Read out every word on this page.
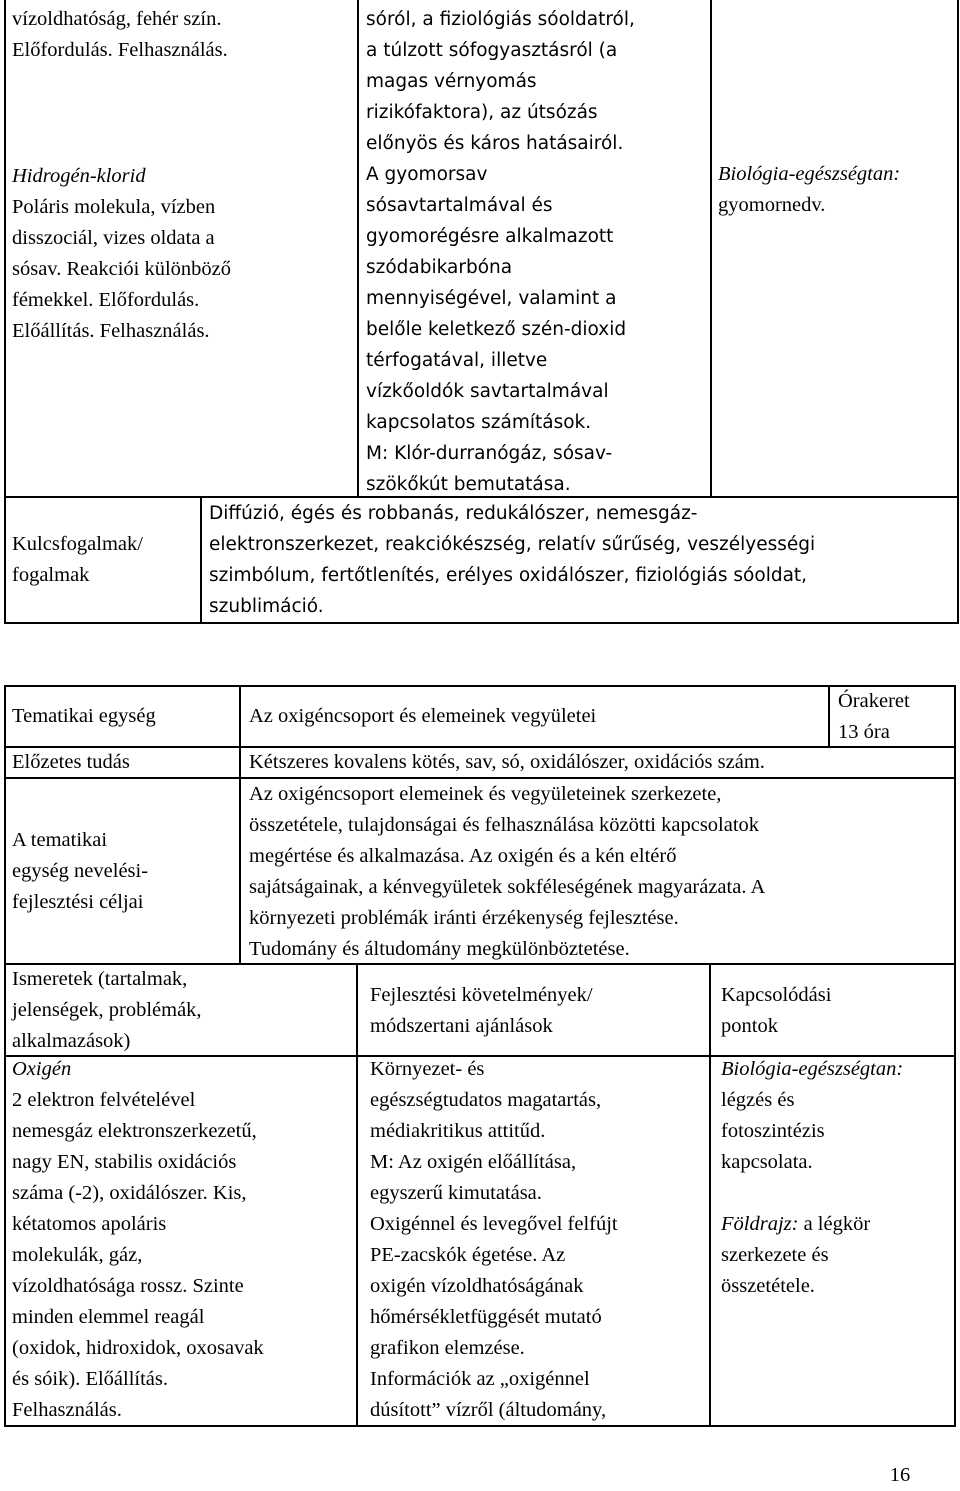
vízoldhatóság, fehér szín.
Előfordulás. Felhasználás.
Hidrogén-klorid
Poláris molekula, vízben
disszociál, vizes oldata a
sósav. Reakciói különböző
fémekkel. Előfordulás.
Előállítás. Felhasználás.
sóról, a fiziológiás sóoldatról,
a túlzott sófogyasztásról (a
magas vérnyomás
rizikófaktora), az útsózás
előnyös és káros hatásairól.
A gyomorsav
sósavtartalmával és
gyomorégésre alkalmazott
szódabikarbóna
mennyiségével, valamint a
belőle keletkező szén-dioxid
térfogatával, illetve
vízkőoldók savtartalmával
kapcsolatos számítások.
M: Klór-durranógáz, sósav-
szökőkút bemutatása.
Biológia-egészségtan:
gyomornedv.
Kulcsfogalmak/
fogalmak
Diffúzió, égés és robbanás, redukálószer, nemesgáz-
elektronszerkezet, reakciókészség, relatív sűrűség, veszélyességi
szimbólum, fertőtlenítés, erélyes oxidálószer, fiziológiás sóoldat,
szublimáció.
Tematikai egység	Az oxigéncsoport és elemeinek vegyületei
Órakeret
13 óra
Előzetes tudás	Kétszeres kovalens kötés, sav, só, oxidálószer, oxidációs szám.
A tematikai
egység nevelési-
fejlesztési céljai
Az oxigéncsoport elemeinek és vegyületeinek szerkezete,
összetétele, tulajdonságai és felhasználása közötti kapcsolatok
megértése és alkalmazása. Az oxigén és a kén eltérő
sajátságainak, a kénvegyületek sokféleségének magyarázata. A
környezeti problémák iránti érzékenység fejlesztése.
Tudomány és áltudomány megkülönböztetése.
Ismeretek (tartalmak,
jelenségek, problémák,
alkalmazások)
Fejlesztési követelmények/
módszertani ajánlások
Kapcsolódási
pontok
Oxigén
2 elektron felvételével
nemesgáz elektronszerkezetű,
nagy EN, stabilis oxidációs
száma (-2), oxidálószer. Kis,
kétatomos apoláris
molekulák, gáz,
vízoldhatósága rossz. Szinte
minden elemmel reagál
(oxidok, hidroxidok, oxosavak
és sóik). Előállítás.
Felhasználás.
Környezet- és
egészségtudatos magatartás,
médiakritikus attitűd.
M: Az oxigén előállítása,
egyszerű kimutatása.
Oxigénnel és levegővel felfújt
PE-zacskók égetése. Az
oxigén vízoldhatóságának
hőmérsékletfüggését mutató
grafikon elemzése.
Információk az „oxigénnel
dúsított” vízről (áltudomány,
Biológia-egészségtan:
légzés és
fotoszintézis
kapcsolata.
Földrajz: a légkör
szerkezete és
összetétele.
16
